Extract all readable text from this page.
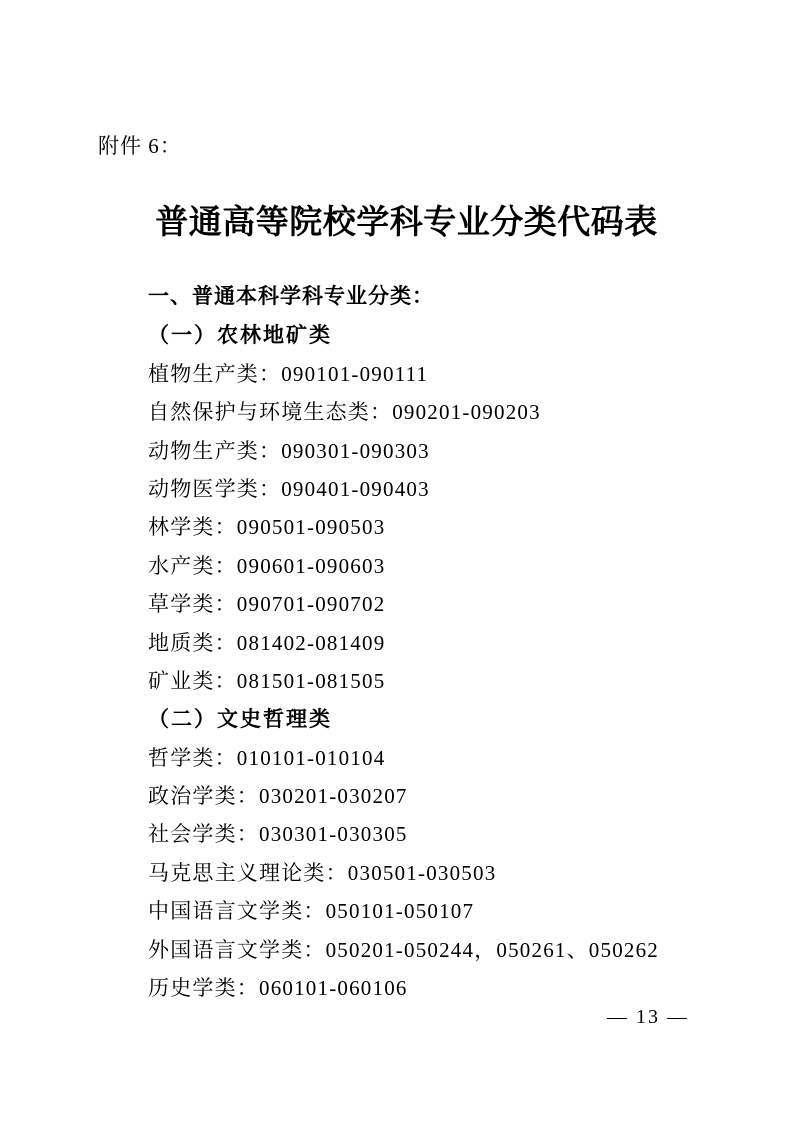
附件 6：
普通高等院校学科专业分类代码表
一、普通本科学科专业分类：
（一）农林地矿类
植物生产类：090101-090111
自然保护与环境生态类：090201-090203
动物生产类：090301-090303
动物医学类：090401-090403
林学类：090501-090503
水产类：090601-090603
草学类：090701-090702
地质类：081402-081409
矿业类：081501-081505
（二）文史哲理类
哲学类：010101-010104
政治学类：030201-030207
社会学类：030301-030305
马克思主义理论类：030501-030503
中国语言文学类：050101-050107
外国语言文学类：050201-050244，050261、050262
历史学类：060101-060106
— 13 —
